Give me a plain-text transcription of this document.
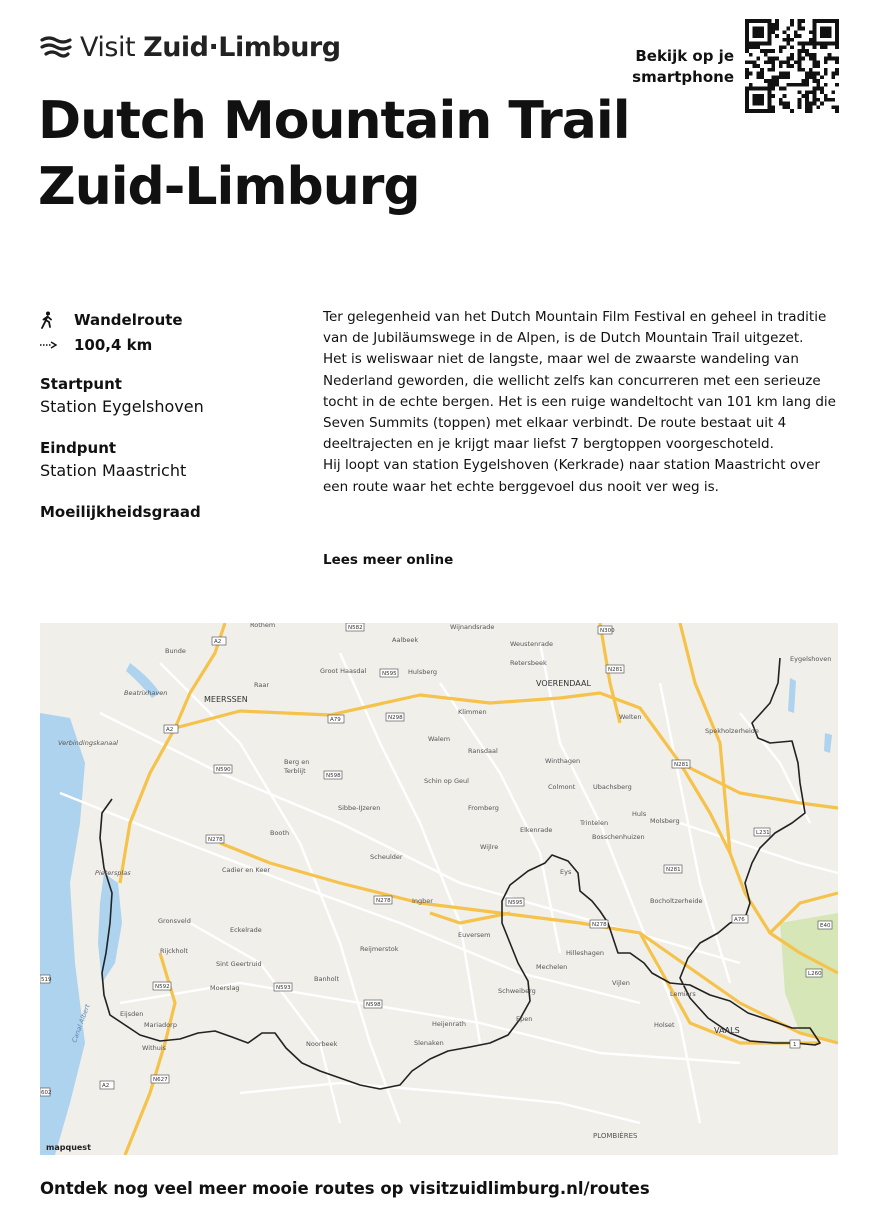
Visit Zuid·Limburg	Bekijk op je
smartphone
Dutch Mountain Trail
Zuid-Limburg
Wandelroute
100,4 km
Startpunt
Station Eygelshoven
Eindpunt
Station Maastricht
Moeilijkheidsgraad

Ter gelegenheid van het Dutch Mountain Film Festival en geheel in traditie van de Jubiläumswege in de Alpen, is de Dutch Mountain Trail uitgezet.

Het is weliswaar niet de langste, maar wel de zwaarste wandeling van Nederland geworden, die wellicht zelfs kan concurreren met een serieuze tocht in de echte bergen. Het is een ruige wandeltocht van 101 km lang die Seven Summits (toppen) met elkaar verbindt. De route bestaat uit 4 deeltrajecten en je krijgt maar liefst 7 bergtoppen voorgeschoteld.

Hij loopt van station Eygelshoven (Kerkrade) naar station Maastricht over een route waar het echte berggevoel dus nooit ver weg is.

Lees meer online
MEERSSEN
VOERENDAAL
VAALS
PLOMBIÈRES
Beatrixhaven
Verbindingskanaal
Pietersplas
Eygelshoven
Rothem
Bunde
Aalbeek
Wijnandsrade
Weustenrade
Retersbeek
Groot Haasdal	Hulsberg
Klimmen
Welten
Raar
Walem
Ransdaal
Winthagen
Spekholzerheide
Berg en
Terblijt
Schin op Geul
Colmont	Ubachsberg
Sibbe-IJzeren	Fromberg
Elkenrade
Trintelen
Huls
Molsberg
Bosschenhuizen
Booth
Scheulder
Wijlre
Eys
Cadier en Keer
Ingber	Bocholtzerheide
Gronsveld
Eckelrade
Reijmerstok
Euversem
Mechelen
Hilleshagen
Rijckholt
Sint Geertruid
Banholt	Vijlen
Lemiers
Moerslag	Schweiberg
Eijsden
Mariadorp	Heijenrath
Epen
Holset
Withuis	Noorbeek	Slenaken
Canal Albert
A2
A2
A2
A79
A76
N298
N595
N590
N598
N278
N278
N278
N595
N592	N593
N598
N627
N281
N281
N281
N582
L231
L260
E40
N300
519
602
1
mapquest
Ontdek nog veel meer mooie routes op visitzuidlimburg.nl/routes
